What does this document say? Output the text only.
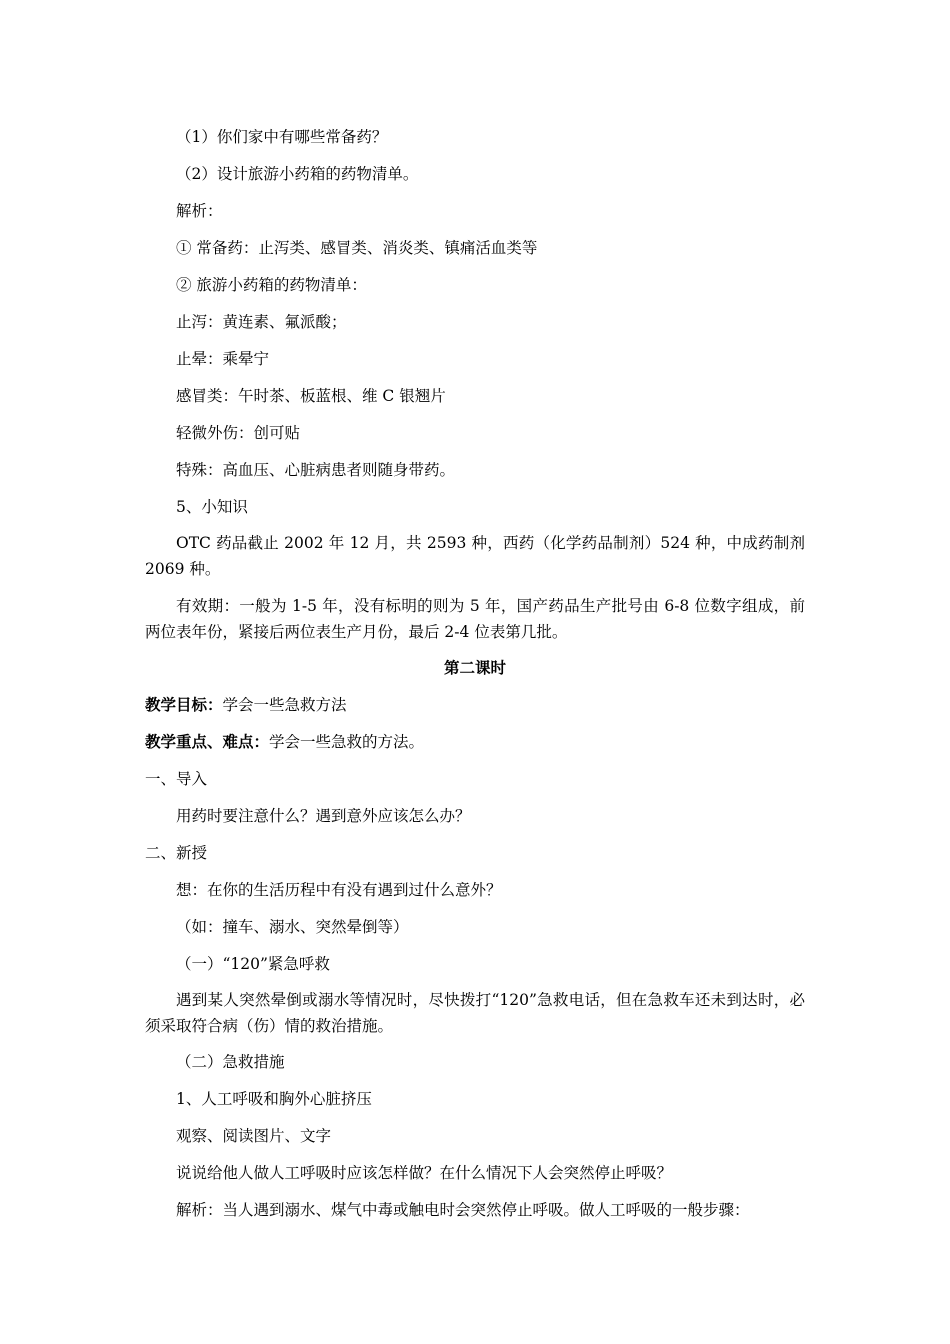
（1）你们家中有哪些常备药？
（2）设计旅游小药箱的药物清单。
解析：
① 常备药：止泻类、感冒类、消炎类、镇痛活血类等
② 旅游小药箱的药物清单：
止泻：黄连素、氟派酸；
止晕：乘晕宁
感冒类：午时茶、板蓝根、维 C 银翘片
轻微外伤：创可贴
特殊：高血压、心脏病患者则随身带药。
5、小知识
OTC 药品截止 2002 年 12 月，共 2593 种，西药（化学药品制剂）524 种，中成药制剂 2069 种。
有效期：一般为 1-5 年，没有标明的则为 5 年，国产药品生产批号由 6-8 位数字组成，前两位表年份，紧接后两位表生产月份，最后 2-4 位表第几批。
第二课时
教学目标：学会一些急救方法
教学重点、难点：学会一些急救的方法。
一、导入
用药时要注意什么？遇到意外应该怎么办？
二、新授
想：在你的生活历程中有没有遇到过什么意外？
（如：撞车、溺水、突然晕倒等）
（一）“120”紧急呼救
遇到某人突然晕倒或溺水等情况时，尽快拨打“120”急救电话，但在急救车还未到达时，必须采取符合病（伤）情的救治措施。
（二）急救措施
1、人工呼吸和胸外心脏挤压
观察、阅读图片、文字
说说给他人做人工呼吸时应该怎样做？在什么情况下人会突然停止呼吸？
解析：当人遇到溺水、煤气中毒或触电时会突然停止呼吸。做人工呼吸的一般步骤：
